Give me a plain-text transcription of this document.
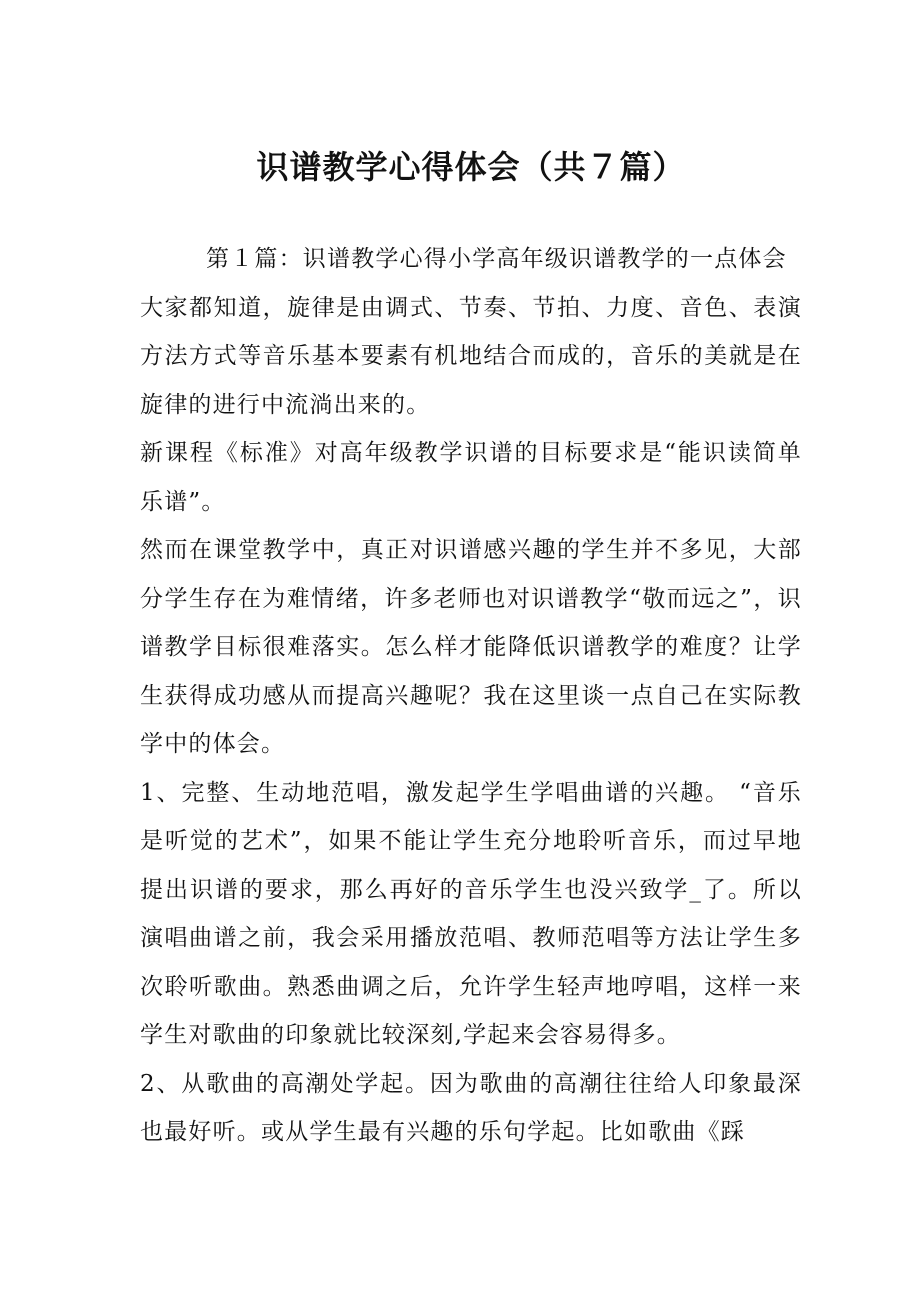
识谱教学心得体会（共７篇）

第１篇：识谱教学心得小学高年级识谱教学的一点体会

大家都知道，旋律是由调式、节奏、节拍、力度、音色、表演方法方式等音乐基本要素有机地结合而成的，音乐的美就是在旋律的进行中流淌出来的。

新课程《标准》对高年级教学识谱的目标要求是“能识读简单乐谱”。

然而在课堂教学中，真正对识谱感兴趣的学生并不多见，大部分学生存在为难情绪，许多老师也对识谱教学“敬而远之”，识谱教学目标很难落实。怎么样才能降低识谱教学的难度？让学生获得成功感从而提高兴趣呢？我在这里谈一点自己在实际教学中的体会。

1、完整、生动地范唱，激发起学生学唱曲谱的兴趣。 “音乐是听觉的艺术”，如果不能让学生充分地聆听音乐，而过早地提出识谱的要求，那么再好的音乐学生也没兴致学_了。所以演唱曲谱之前，我会采用播放范唱、教师范唱等方法让学生多次聆听歌曲。熟悉曲调之后，允许学生轻声地哼唱，这样一来学生对歌曲的印象就比较深刻,学起来会容易得多。

2、从歌曲的高潮处学起。因为歌曲的高潮往往给人印象最深也最好听。或从学生最有兴趣的乐句学起。比如歌曲《踩
